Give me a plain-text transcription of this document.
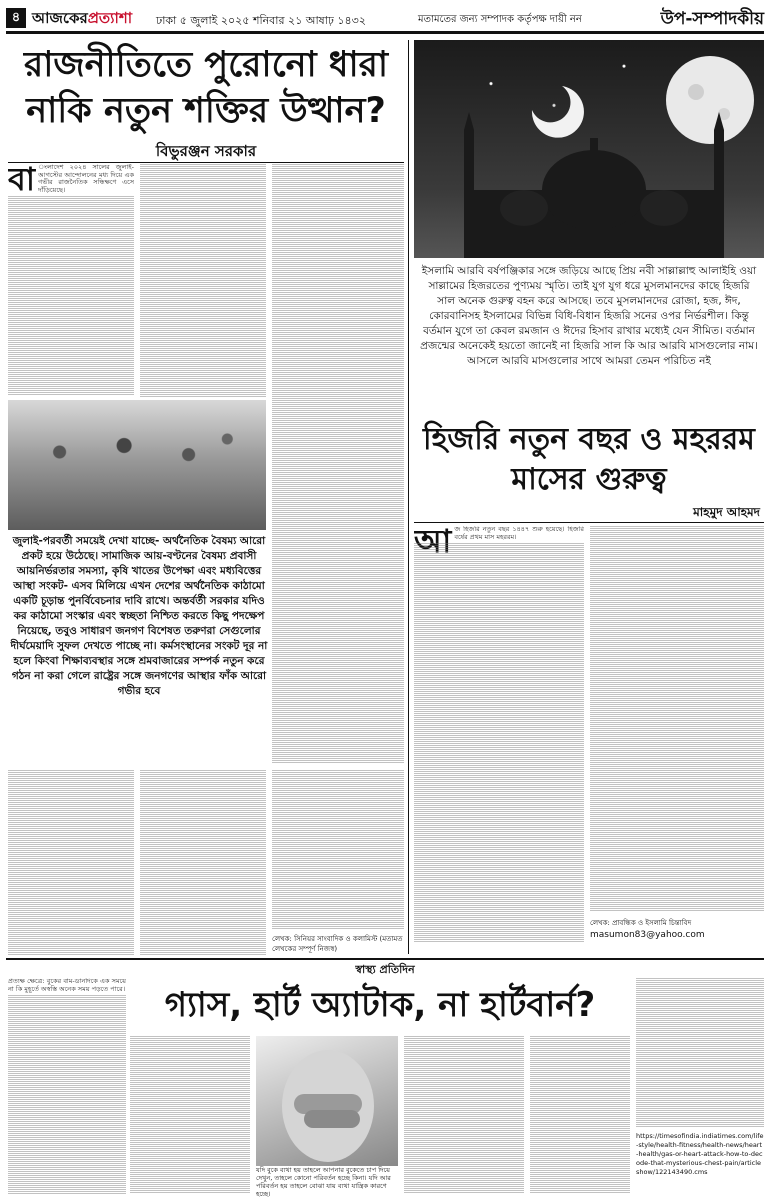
৪ আজকেরপ্রত্যাশা ঢাকা ৫ জুলাই ২০২৫ শনিবার ২১ আষাঢ় ১৪৩২	মতামতের জন্য সম্পাদক কর্তৃপক্ষ দায়ী নন	উপ-সম্পাদকীয়
রাজনীতিতে পুরোনো ধারা
নাকি নতুন শক্তির উত্থান?
বিভুরঞ্জন সরকার
বা ংলাদেশ ২০২৪ সালের জুলাই-আগস্টের আন্দোলনের মধ্য দিয়ে এক গভীর রাজনৈতিক সন্ধিক্ষণে এসে দাঁড়িয়েছে।
জুলাই-পরবর্তী সময়েই দেখা যাচ্ছে- অর্থনৈতিক বৈষম্য আরো প্রকট হয়ে উঠেছে। সামাজিক আয়-বণ্টনের বৈষম্য প্রবাসী আয়নির্ভরতার সমস্যা, কৃষি খাতের উপেক্ষা এবং মধ্যবিত্তের আস্থা সংকট- এসব মিলিয়ে এখন দেশের অর্থনৈতিক কাঠামো একটি চূড়ান্ত পুনর্বিবেচনার দাবি রাখে। অন্তর্বর্তী সরকার যদিও কর কাঠামো সংস্কার এবং স্বচ্ছতা নিশ্চিত করতে কিছু পদক্ষেপ নিয়েছে, তবুও সাধারণ জনগণ বিশেষত তরুণরা সেগুলোর দীর্ঘমেয়াদি সুফল দেখতে পাচ্ছে না। কর্মসংস্থানের সংকট দূর না হলে কিংবা শিক্ষাব্যবস্থার সঙ্গে শ্রমবাজারের সম্পর্ক নতুন করে গঠন না করা গেলে রাষ্ট্রের সঙ্গে জনগণের আস্থার ফাঁক আরো গভীর হবে
লেখক: সিনিয়র সাংবাদিক ও কলামিস্ট (মতামত লেখকের সম্পূর্ণ নিজস্ব)
ইসলামি আরবি বর্ষপঞ্জিকার সঙ্গে জড়িয়ে আছে প্রিয় নবী সাল্লাল্লাহু আলাইহি ওয়া সাল্লামের হিজরতের পুণ্যময় স্মৃতি। তাই যুগ যুগ ধরে মুসলমানদের কাছে হিজরি সাল অনেক গুরুত্ব বহন করে আসছে। তবে মুসলমানদের রোজা, হজ, ঈদ, কোরবানিসহ ইসলামের বিভিন্ন বিধি-বিধান হিজরি সনের ওপর নির্ভরশীল। কিন্তু বর্তমান যুগে তা কেবল রমজান ও ঈদের হিসাব রাখার মধ্যেই যেন সীমিত। বর্তমান প্রজন্মের অনেকেই হয়তো জানেই না হিজরি সাল কি আর আরবি মাসগুলোর নাম। আসলে আরবি মাসগুলোর সাথে আমরা তেমন পরিচিত নই
হিজরি নতুন বছর ও মহররম
মাসের গুরুত্ব
মাহমুদ আহমদ
আ জ হিজরি নতুন বছর ১৪৪৭ শুরু হয়েছে। হিজরি বর্ষের প্রথম মাস মহররম।
লেখক: প্রাবন্ধিক ও ইসলামি চিন্তাবিদ
masumon83@yahoo.com
স্বাস্থ্য প্রতিদিন
প্রত্যক্ষ ক্ষেত্রে: বুকের বাম-ডানদিকে এক সময়ে না কি মুহূর্তে অস্বস্তি অনেক সময় পড়তে পারে।	গ্যাস, হার্ট অ্যাটাক, না হার্টবার্ন?
যদি বুকে ব্যথা হয় তাহলে আপনার বুকেতে চাপ দিয়ে দেখুন, তাহলে কোনো পরিবর্তন হচ্ছে কিনা। যদি আর পরিবর্তন হয় তাহলে বোঝা যায় ব্যথা যান্ত্রিক কারণে হচ্ছে।
https://timesofindia.indiatimes.com/life-style/health-fitness/health-news/heart-health/gas-or-heart-attack-how-to-decode-that-mysterious-chest-pain/articleshow/122143490.cms
